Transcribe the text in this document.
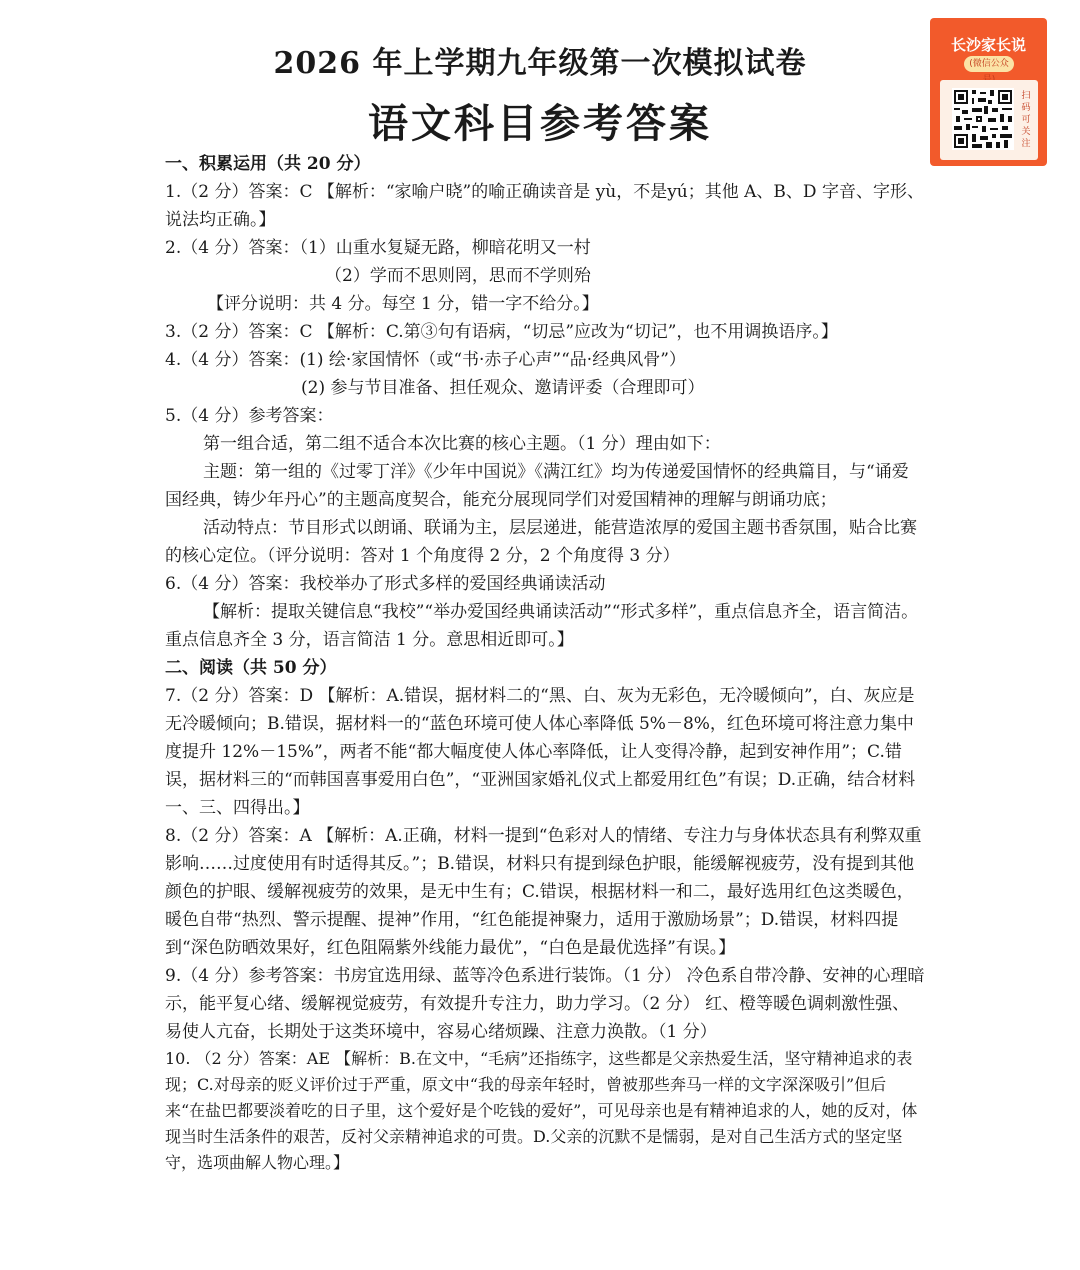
2026 年上学期九年级第一次模拟试卷
语文科目参考答案
长沙家长说
(微信公众
扫码可关注

一、积累运用（共 20 分）

1.（2 分）答案：C 【解析：“家喻户晓”的喻正确读音是 yù，不是yú；其他 A、B、D 字音、字形、说法均正确。】

2.（4 分）答案：（1）山重水复疑无路，柳暗花明又一村

（2）学而不思则罔，思而不学则殆

【评分说明：共 4 分。每空 1 分，错一字不给分。】

3.（2 分）答案：C 【解析：C.第③句有语病，“切忌”应改为“切记”，也不用调换语序。】

4.（4 分）答案：(1) 绘·家国情怀（或“书·赤子心声”“品·经典风骨”）

(2) 参与节目准备、担任观众、邀请评委（合理即可）

5.（4 分）参考答案：

第一组合适，第二组不适合本次比赛的核心主题。（1 分）理由如下：

主题：第一组的《过零丁洋》《少年中国说》《满江红》均为传递爱国情怀的经典篇目，与“诵爱国经典，铸少年丹心”的主题高度契合，能充分展现同学们对爱国精神的理解与朗诵功底；

活动特点：节目形式以朗诵、联诵为主，层层递进，能营造浓厚的爱国主题书香氛围，贴合比赛的核心定位。（评分说明：答对 1 个角度得 2 分，2 个角度得 3 分）

6.（4 分）答案：我校举办了形式多样的爱国经典诵读活动

【解析：提取关键信息“我校”“举办爱国经典诵读活动”“形式多样”，重点信息齐全，语言简洁。重点信息齐全 3 分，语言简洁 1 分。意思相近即可。】

二、阅读（共 50 分）

7.（2 分）答案：D 【解析：A.错误，据材料二的“黑、白、灰为无彩色，无冷暖倾向”，白、灰应是无冷暖倾向；B.错误，据材料一的“蓝色环境可使人体心率降低 5%－8%，红色环境可将注意力集中度提升 12%－15%”，两者不能“都大幅度使人体心率降低，让人变得冷静，起到安神作用”；C.错误，据材料三的“而韩国喜事爱用白色”，“亚洲国家婚礼仪式上都爱用红色”有误；D.正确，结合材料一、三、四得出。】

8.（2 分）答案：A 【解析：A.正确，材料一提到“色彩对人的情绪、专注力与身体状态具有利弊双重影响……过度使用有时适得其反。”；B.错误，材料只有提到绿色护眼，能缓解视疲劳，没有提到其他颜色的护眼、缓解视疲劳的效果，是无中生有；C.错误，根据材料一和二，最好选用红色这类暖色，暖色自带“热烈、警示提醒、提神”作用，“红色能提神聚力，适用于激励场景”；D.错误，材料四提到“深色防晒效果好，红色阻隔紫外线能力最优”，“白色是最优选择”有误。】

9.（4 分）参考答案：书房宜选用绿、蓝等冷色系进行装饰。（1 分） 冷色系自带冷静、安神的心理暗示，能平复心绪、缓解视觉疲劳，有效提升专注力，助力学习。（2 分） 红、橙等暖色调刺激性强、易使人亢奋，长期处于这类环境中，容易心绪烦躁、注意力涣散。（1 分）

10. （2 分）答案：AE 【解析：B.在文中，“毛病”还指练字，这些都是父亲热爱生活，坚守精神追求的表现；C.对母亲的贬义评价过于严重，原文中“我的母亲年轻时，曾被那些奔马一样的文字深深吸引”但后来“在盐巴都要淡着吃的日子里，这个爱好是个吃钱的爱好”，可见母亲也是有精神追求的人，她的反对，体现当时生活条件的艰苦，反衬父亲精神追求的可贵。D.父亲的沉默不是懦弱，是对自己生活方式的坚定坚守，选项曲解人物心理。】
